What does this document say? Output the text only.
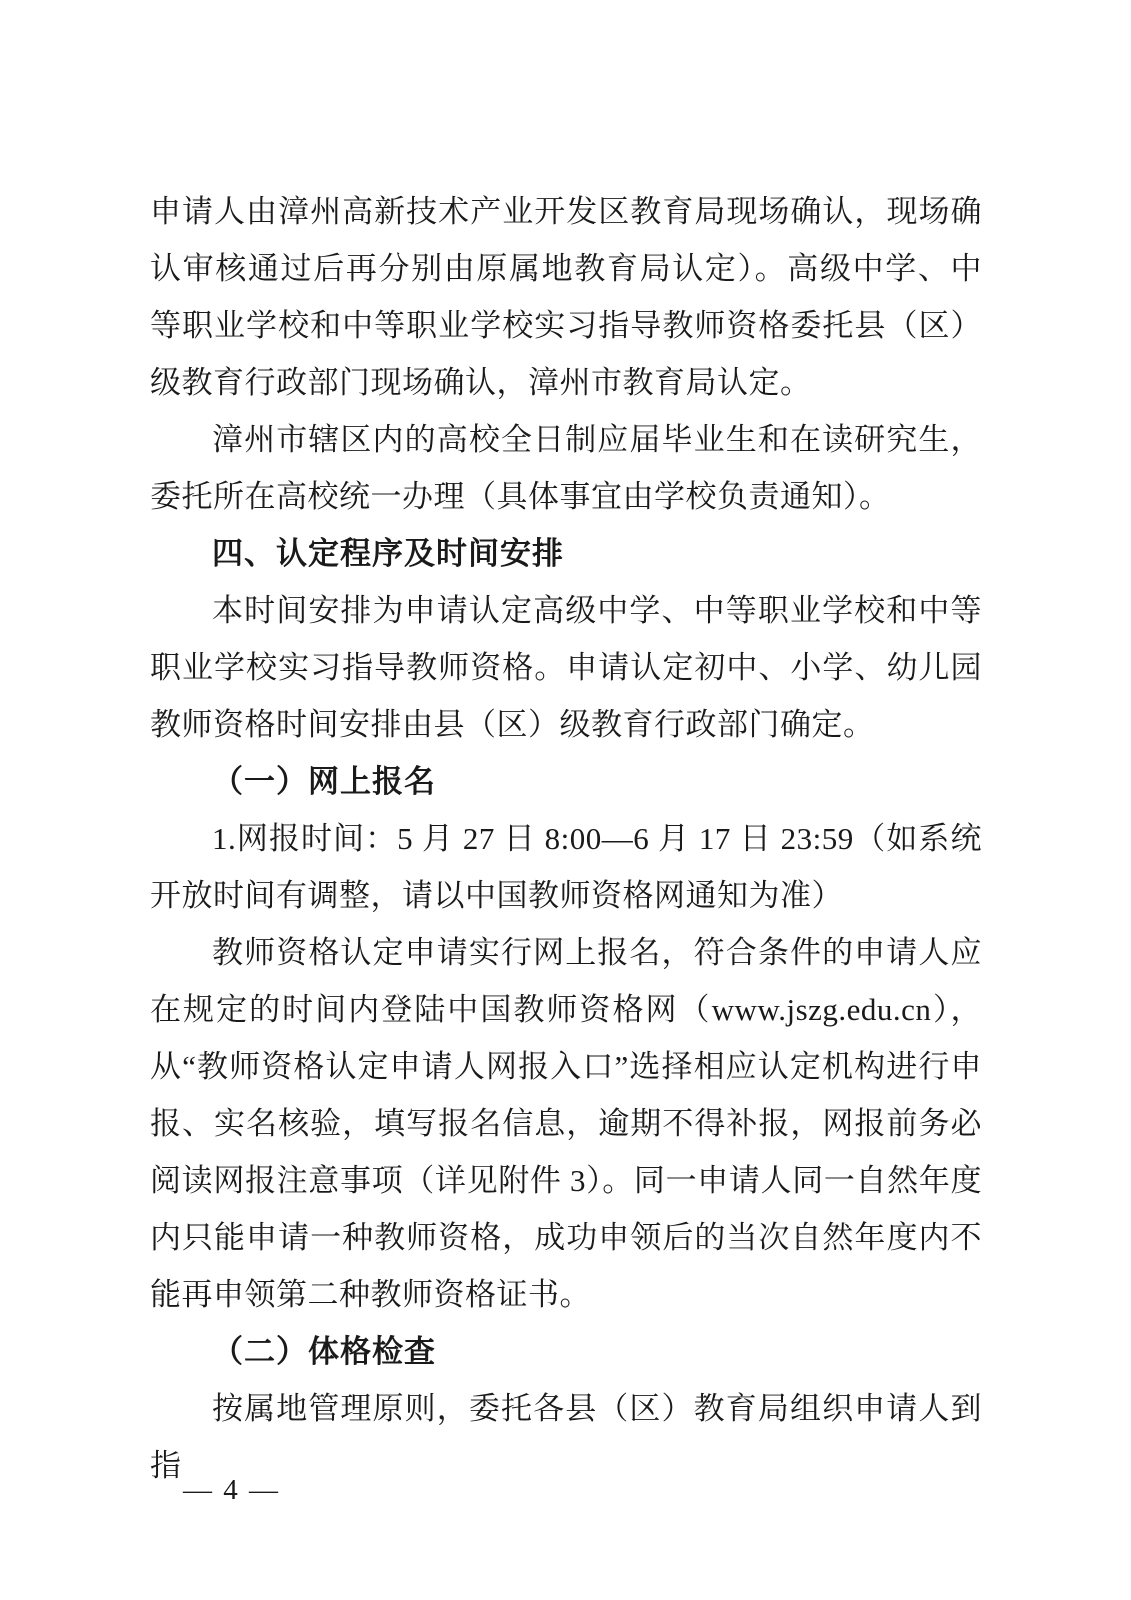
申请人由漳州高新技术产业开发区教育局现场确认，现场确认审核通过后再分别由原属地教育局认定）。高级中学、中等职业学校和中等职业学校实习指导教师资格委托县（区）级教育行政部门现场确认，漳州市教育局认定。

漳州市辖区内的高校全日制应届毕业生和在读研究生，委托所在高校统一办理（具体事宜由学校负责通知）。

四、认定程序及时间安排

本时间安排为申请认定高级中学、中等职业学校和中等职业学校实习指导教师资格。申请认定初中、小学、幼儿园教师资格时间安排由县（区）级教育行政部门确定。

（一）网上报名

1.网报时间：5 月 27 日 8:00—6 月 17 日 23:59（如系统开放时间有调整，请以中国教师资格网通知为准）

教师资格认定申请实行网上报名，符合条件的申请人应在规定的时间内登陆中国教师资格网（www.jszg.edu.cn），从“教师资格认定申请人网报入口”选择相应认定机构进行申报、实名核验，填写报名信息，逾期不得补报，网报前务必阅读网报注意事项（详见附件 3）。同一申请人同一自然年度内只能申请一种教师资格，成功申领后的当次自然年度内不能再申领第二种教师资格证书。

（二）体格检查

按属地管理原则，委托各县（区）教育局组织申请人到指

— 4 —
